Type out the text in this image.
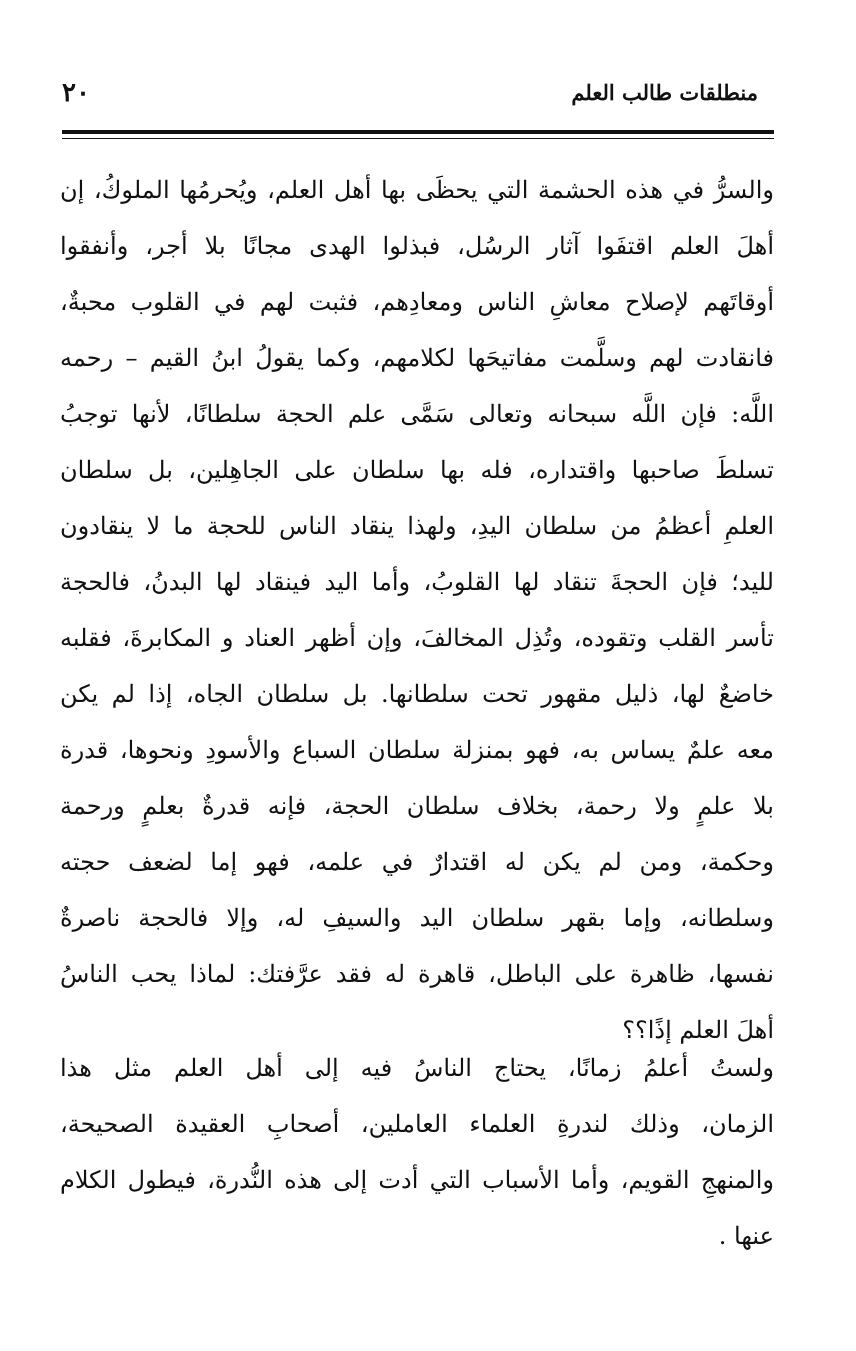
٢٠	منطلقات طالب العلم
والسرُّ في هذه الحشمة التي يحظَى بها أهل العلم، ويُحرمُها الملوكُ، إن
أهلَ العلم اقتفَوا آثار الرسُل، فبذلوا الهدى مجانًا بلا أجر، وأنفقوا
أوقاتَهم لإصلاح معاشِ الناس ومعادِهم، فثبت لهم في القلوب محبةٌ،
فانقادت لهم وسلَّمت مفاتيحَها لكلامهم، وكما يقولُ ابنُ القيم – رحمه
اللَّه: فإن اللَّه سبحانه وتعالى سَمَّى علم الحجة سلطانًا، لأنها توجبُ
تسلطَ صاحبها واقتداره، فله بها سلطان على الجاهِلين، بل سلطان
العلمِ أعظمُ من سلطان اليدِ، ولهذا ينقاد الناس للحجة ما لا ينقادون
لليد؛ فإن الحجةَ تنقاد لها القلوبُ، وأما اليد فينقاد لها البدنُ، فالحجة
تأسر القلب وتقوده، وتُذِل المخالفَ، وإن أظهر العناد و المكابرةَ، فقلبه
خاضعٌ لها، ذليل مقهور تحت سلطانها. بل سلطان الجاه، إذا لم يكن
معه علمٌ يساس به، فهو بمنزلة سلطان السباع والأسودِ ونحوها، قدرة
بلا علمٍ ولا رحمة، بخلاف سلطان الحجة، فإنه قدرةٌ بعلمٍ ورحمة
وحكمة، ومن لم يكن له اقتدارٌ في علمه، فهو إما لضعف حجته
وسلطانه، وإما بقهر سلطان اليد والسيفِ له، وإلا فالحجة ناصرةٌ
نفسها، ظاهرة على الباطل، قاهرة له فقد عرَّفتك: لماذا يحب الناسُ
أهلَ العلم إذًا؟؟
ولستُ أعلمُ زمانًا، يحتاج الناسُ فيه إلى أهل العلم مثل هذا
الزمان، وذلك لندرةِ العلماء العاملين، أصحابِ العقيدة الصحيحة،
والمنهجِ القويم، وأما الأسباب التي أدت إلى هذه النُّدرة، فيطول الكلام
عنها .
